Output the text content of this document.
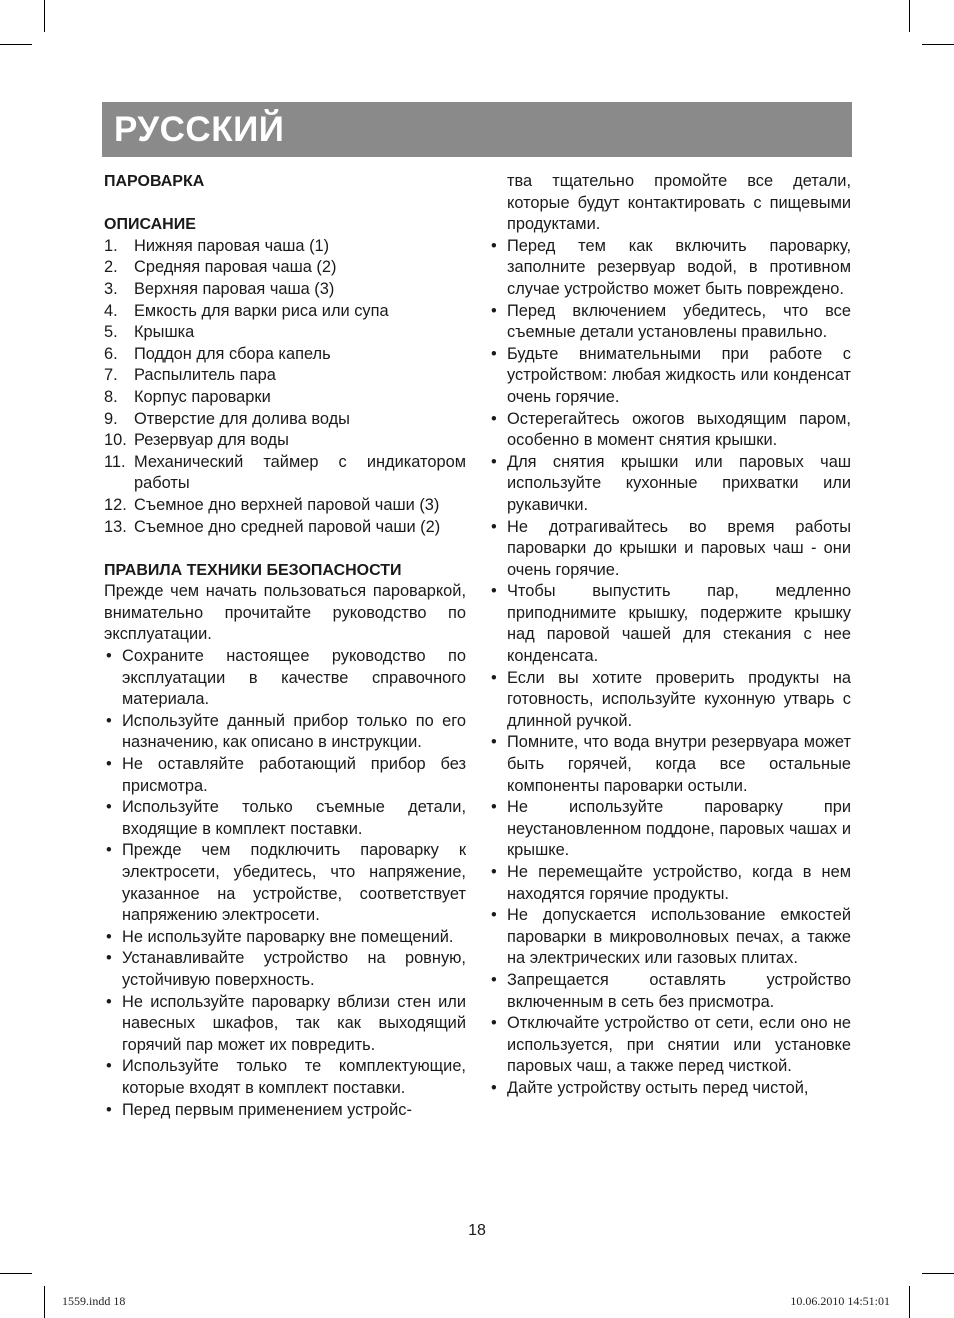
РУССКИЙ
ПАРОВАРКА
ОПИСАНИЕ
1. Нижняя паровая чаша (1)
2. Средняя паровая чаша (2)
3. Верхняя паровая чаша (3)
4. Емкость для варки риса или супа
5. Крышка
6. Поддон для сбора капель
7. Распылитель пара
8. Корпус пароварки
9. Отверстие для долива воды
10. Резервуар для воды
11. Механический таймер с индикатором работы
12. Съемное дно верхней паровой чаши (3)
13. Съемное дно средней паровой чаши (2)
ПРАВИЛА ТЕХНИКИ БЕЗОПАСНОСТИ
Прежде чем начать пользоваться пароваркой, внимательно прочитайте руководство по эксплуатации.
• Сохраните настоящее руководство по эксплуатации в качестве справочного материала.
• Используйте данный прибор только по его назначению, как описано в инструкции.
• Не оставляйте работающий прибор без присмотра.
• Используйте только съемные детали, входящие в комплект поставки.
• Прежде чем подключить пароварку к электросети, убедитесь, что напряжение, указанное на устройстве, соответствует напряжению электросети.
• Не используйте пароварку вне помещений.
• Устанавливайте устройство на ровную, устойчивую поверхность.
• Не используйте пароварку вблизи стен или навесных шкафов, так как выходящий горячий пар может их повредить.
• Используйте только те комплектующие, которые входят в комплект поставки.
• Перед первым применением устройс-
тва тщательно промойте все детали, которые будут контактировать с пищевыми продуктами.
• Перед тем как включить пароварку, заполните резервуар водой, в противном случае устройство может быть повреждено.
• Перед включением убедитесь, что все съемные детали установлены правильно.
• Будьте внимательными при работе с устройством: любая жидкость или конденсат очень горячие.
• Остерегайтесь ожогов выходящим паром, особенно в момент снятия крышки.
• Для снятия крышки или паровых чаш используйте кухонные прихватки или рукавички.
• Не дотрагивайтесь во время работы пароварки до крышки и паровых чаш - они очень горячие.
• Чтобы выпустить пар, медленно приподнимите крышку, подержите крышку над паровой чашей для стекания с нее конденсата.
• Если вы хотите проверить продукты на готовность, используйте кухонную утварь с длинной ручкой.
• Помните, что вода внутри резервуара может быть горячей, когда все остальные компоненты пароварки остыли.
• Не используйте пароварку при неустановленном поддоне, паровых чашах и крышке.
• Не перемещайте устройство, когда в нем находятся горячие продукты.
• Не допускается использование емкостей пароварки в микроволновых печах, а также на электрических или газовых плитах.
• Запрещается оставлять устройство включенным в сеть без присмотра.
• Отключайте устройство от сети, если оно не используется, при снятии или установке паровых чаш, а также перед чисткой.
• Дайте устройству остыть перед чистой,
18
1559.indd 18	10.06.2010 14:51:01
